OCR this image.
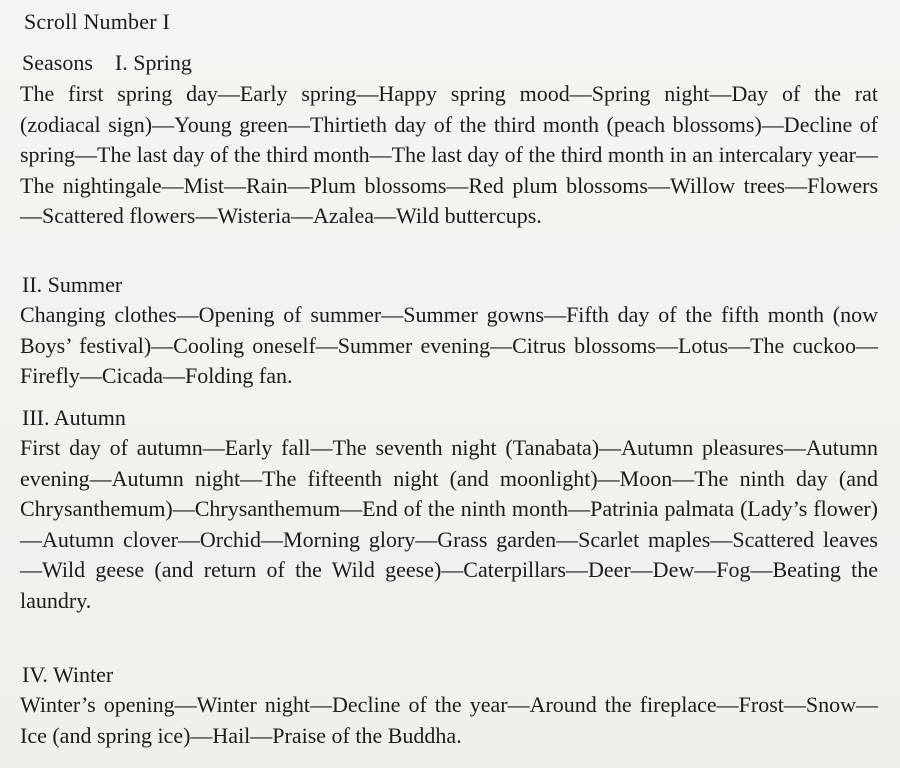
Scroll Number I
Seasons I. Spring
The first spring day—Early spring—Happy spring mood—Spring night—Day of the rat (zodiacal sign)—Young green—Thirtieth day of the third month (peach blossoms)—Decline of spring—The last day of the third month—The last day of the third month in an intercalary year—The nightingale—Mist—Rain—Plum blossoms—Red plum blossoms—Willow trees—Flowers—Scattered flowers—Wisteria—Azalea—Wild buttercups.
II. Summer
Changing clothes—Opening of summer—Summer gowns—Fifth day of the fifth month (now Boys’ festival)—Cooling oneself—Summer evening—Citrus blossoms—Lotus—The cuckoo—Firefly—Cicada—Folding fan.
III. Autumn
First day of autumn—Early fall—The seventh night (Tanabata)—Autumn pleasures—Autumn evening—Autumn night—The fifteenth night (and moonlight)—Moon—The ninth day (and Chrysanthemum)—Chrysanthemum—End of the ninth month—Patrinia palmata (Lady’s flower)—Autumn clover—Orchid—Morning glory—Grass garden—Scarlet maples—Scattered leaves—Wild geese (and return of the Wild geese)—Caterpillars—Deer—Dew—Fog—Beating the laundry.
IV. Winter
Winter’s opening—Winter night—Decline of the year—Around the fireplace—Frost—Snow—Ice (and spring ice)—Hail—Praise of the Buddha.
